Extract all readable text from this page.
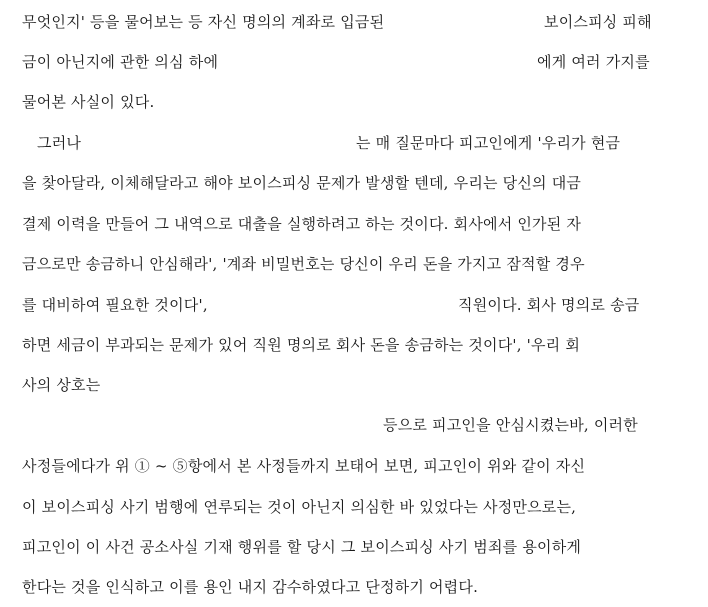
무엇인지' 등을 물어보는 등 자신 명의의 계좌로 입금된	보이스피싱 피해
금이 아닌지에 관한 의심 하에	에게 여러 가지를
물어본 사실이 있다.
그러나	는 매 질문마다 피고인에게 '우리가 현금
을 찾아달라, 이체해달라고 해야 보이스피싱 문제가 발생할 텐데, 우리는 당신의 대금
결제 이력을 만들어 그 내역으로 대출을 실행하려고 하는 것이다. 회사에서 인가된 자
금으로만 송금하니 안심해라', '계좌 비밀번호는 당신이 우리 돈을 가지고 잠적할 경우
를 대비하여 필요한 것이다',	직원이다. 회사 명의로 송금
하면 세금이 부과되는 문제가 있어 직원 명의로 회사 돈을 송금하는 것이다', '우리 회
사의 상호는
등으로 피고인을 안심시켰는바, 이러한
사정들에다가 위 ① ~ ⑤항에서 본 사정들까지 보태어 보면, 피고인이 위와 같이 자신
이 보이스피싱 사기 범행에 연루되는 것이 아닌지 의심한 바 있었다는 사정만으로는,
피고인이 이 사건 공소사실 기재 행위를 할 당시 그 보이스피싱 사기 범죄를 용이하게
한다는 것을 인식하고 이를 용인 내지 감수하였다고 단정하기 어렵다.
